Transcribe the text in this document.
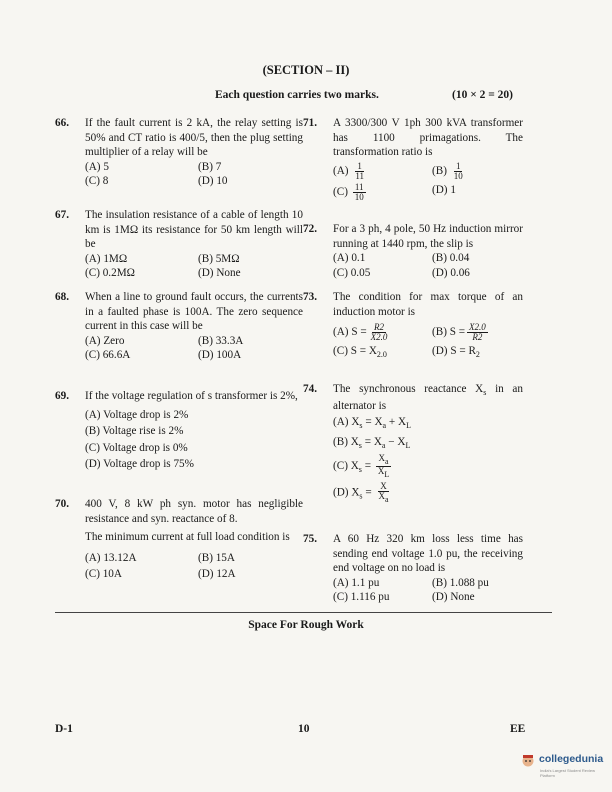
(SECTION – II)
Each question carries two marks.	(10 × 2 = 20)
66. If the fault current is 2 kA, the relay setting is 50% and CT ratio is 400/5, then the plug setting multiplier of a relay will be
(A) 5	(B) 7
(C) 8	(D) 10
67. The insulation resistance of a cable of length 10 km is 1MΩ its resistance for 50 km length will be
(A) 1MΩ	(B) 5MΩ
(C) 0.2MΩ	(D) None
68. When a line to ground fault occurs, the currents in a faulted phase is 100A. The zero sequence current in this case will be
(A) Zero	(B) 33.3A
(C) 66.6A	(D) 100A
69. If the voltage regulation of s transformer is 2%,
(A) Voltage drop is 2%
(B) Voltage rise is 2%
(C) Voltage drop is 0%
(D) Voltage drop is 75%
70. 400 V, 8 kW ph syn. motor has negligible resistance and syn. reactance of 8.
The minimum current at full load condition is
(A) 13.12A	(B) 15A
(C) 10A	(D) 12A
71. A 3300/300 V 1ph 300 kVA transformer has 1100 primagations. The transformation ratio is
$(A) \frac{1}{11}$	$(B) \frac{1}{10}$
$(C) \frac{11}{10}$	(D) 1
72. For a 3 ph, 4 pole, 50 Hz induction mirror running at 1440 rpm, the slip is
(A) 0.1	(B) 0.04
(C) 0.05	(D) 0.06
73. The condition for max torque of an induction motor is
(A) $S = \frac{R2}{X2.0}$	(B) $S = \frac{X2.0}{R2}$
(C) $S = X_{2.0}$	(D) $S = R_2$
74. The synchronous reactance $X_s$ in an alternator is
(A) $X_s = X_a + X_L$
(B) $X_s = X_a - X_L$
(C) $X_s = \frac{X_a}{X_L}$
(D) $X_s = \frac{X}{X_a}$
75. A 60 Hz 320 km loss less time has sending end voltage 1.0 pu, the receiving end voltage on no load is
(A) 1.1 pu	(B) 1.088 pu
(C) 1.116 pu	(D) None
Space For Rough Work
D-1	10	EE
collegedunia
India's Largest Student Review Platform
